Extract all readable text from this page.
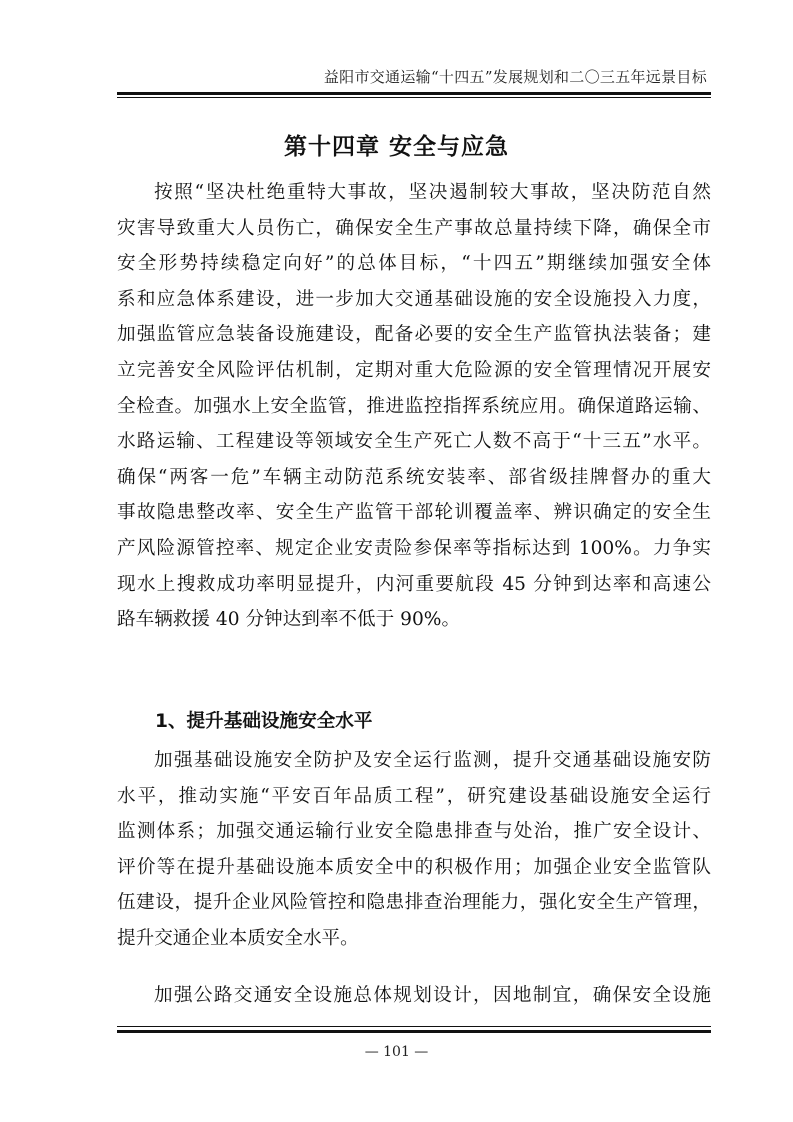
益阳市交通运输“十四五”发展规划和二〇三五年远景目标
第十四章 安全与应急
按照“坚决杜绝重特大事故，坚决遏制较大事故，坚决防范自然
灾害导致重大人员伤亡，确保安全生产事故总量持续下降，确保全市
安全形势持续稳定向好”的总体目标，“十四五”期继续加强安全体
系和应急体系建设，进一步加大交通基础设施的安全设施投入力度，
加强监管应急装备设施建设，配备必要的安全生产监管执法装备；建
立完善安全风险评估机制，定期对重大危险源的安全管理情况开展安
全检查。加强水上安全监管，推进监控指挥系统应用。确保道路运输、
水路运输、工程建设等领域安全生产死亡人数不高于“十三五”水平。
确保“两客一危”车辆主动防范系统安装率、部省级挂牌督办的重大
事故隐患整改率、安全生产监管干部轮训覆盖率、辨识确定的安全生
产风险源管控率、规定企业安责险参保率等指标达到 100%。力争实
现水上搜救成功率明显提升，内河重要航段 45 分钟到达率和高速公
路车辆救援 40 分钟达到率不低于 90%。
1、提升基础设施安全水平
加强基础设施安全防护及安全运行监测，提升交通基础设施安防
水平，推动实施“平安百年品质工程”，研究建设基础设施安全运行
监测体系；加强交通运输行业安全隐患排查与处治，推广安全设计、
评价等在提升基础设施本质安全中的积极作用；加强企业安全监管队
伍建设，提升企业风险管控和隐患排查治理能力，强化安全生产管理，
提升交通企业本质安全水平。
加强公路交通安全设施总体规划设计，因地制宜，确保安全设施
— 101 —
